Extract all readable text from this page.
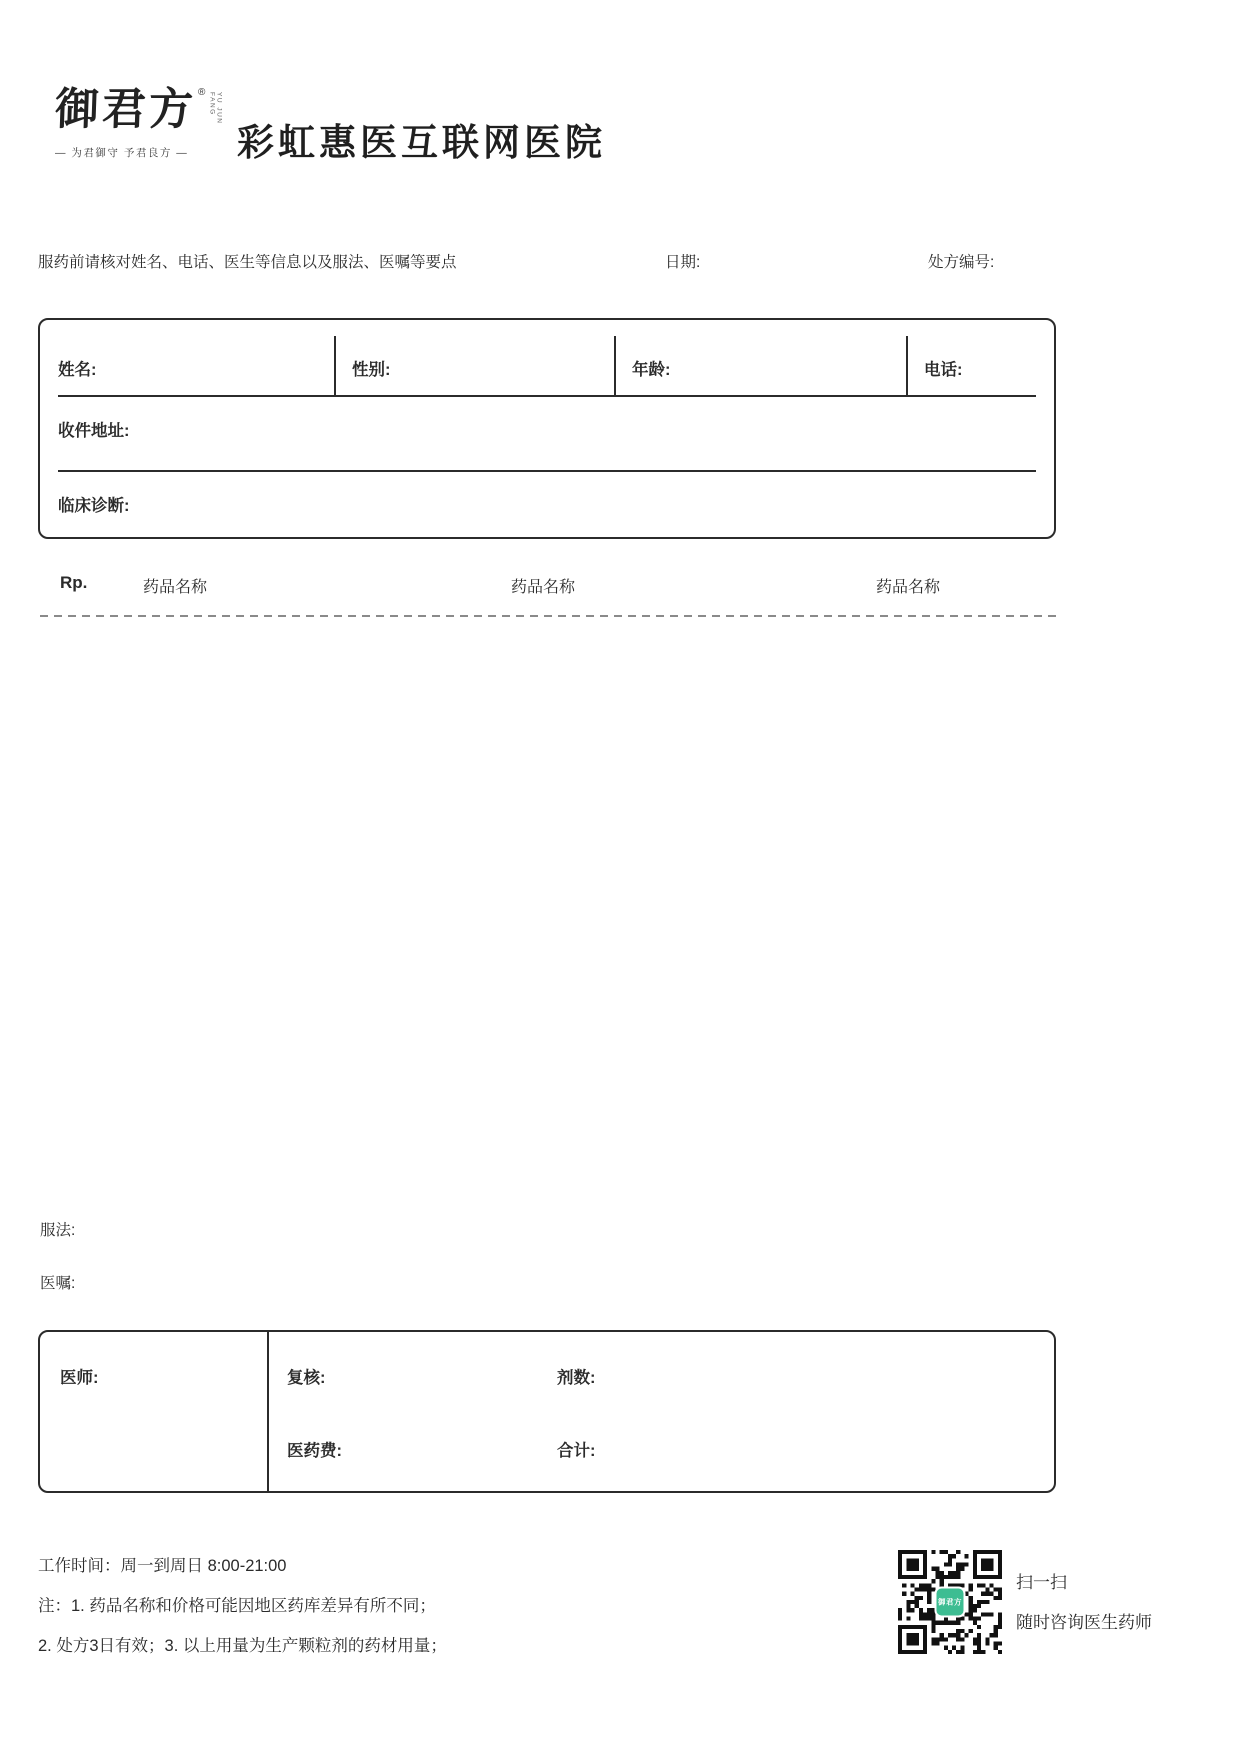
御君方 ®	YU JUN FANG
— 为君御守 予君良方 —	彩虹惠医互联网医院
服药前请核对姓名、电话、医生等信息以及服法、医嘱等要点	日期:	处方编号:
姓名:	性别:	年龄:	电话:
收件地址:
临床诊断:
Rp.	药品名称	药品名称	药品名称
服法:
医嘱:
医师:	复核:	剂数:
医药费:	合计:
工作时间：周一到周日 8:00-21:00
注：1. 药品名称和价格可能因地区药库差异有所不同；
2. 处方3日有效；3. 以上用量为生产颗粒剂的药材用量；
御君方
扫一扫
随时咨询医生药师
